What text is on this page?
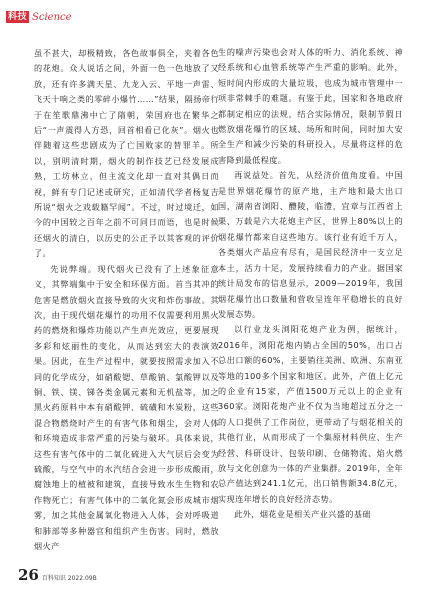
科技 Science

虽不甚大，却极精致，各色故事俱全，夹着各色的花炮。众人说话之间，外面一色一色地放了又放，还有许多满天星、九龙入云、平地一声雷、飞天十响之类的零碎小爆竹……”结果，隔扬帝行于在笙歌鼎沸中亡了隋朝，荣国府也在繁华之后“一声震得人方恐，回首相看已化灰”。烟火也伴随着这些悲剧成为了亡国败家的替罪羊。所以，别明清时期，烟火的制作技艺已经发展成熟，工坊林立，但主流文化却一直对其偶日而视，鲜有专门记述或研究，正如清代学者杨复吉所说“烟火之戏载籍罕闻”。不过，时过境迁，如今的中国较之百年之前不可同日而语，也是时候还烟火的清白，以历史的公正予以其客观的评价了。

先说弊端。现代烟火已没有了上述象征意义，其弊端集中于安全和环保方面。首当其冲的危害是燃放烟火直接导致的火灾和炸伤事故。其次，由于现代烟花爆竹的功用不仅需要利用黑火药的燃烧和爆炸功能以产生声光效应，更要展现多彩和炫丽性的变化，从而达到宏大的表演效果。因此，在生产过程中，就要按照需求加入不同的化学成分，如硝酸锶、草酸钠、氯酸钾以及铜、铁、镁、锑各类金属元素和无机盐等，加之黑火药原料中本有硝酸钾、硫磺和木炭粉，这些混合物燃烧时产生的有害气体和烟尘，会对人体和环境造成非常严重的污染与破坏。具体来说，这些有害气体中的二氧化硫进入大气层后会变为硫酸，与空气中的水汽结合会进一步形成酸雨，腐蚀地上的植被和建筑，直接导致水生生物和农作物死亡；有害气体中的二氧化氮会形成城市烟雾，加之其他金属氧化物进入人体，会对呼吸道和肺部等多种器官和组织产生伤害。同时，燃放烟火产

生的噪声污染也会对人体的听力、消化系统、神经系统和心血管系统等产生严重的影响。此外，短时间内形成的大量垃圾，也成为城市管理中一项非常棘手的难题。有鉴于此，国家和各地政府都制定相应的法规，结合实际情况，限制节假日燃放烟花爆竹的区域、场所和时间，同时加大安全生产和减少污染的科研投入，尽量将这样的危害降到最低程度。

再说益处。首先，从经济价值角度看。中国是世界烟花爆竹的原产地，主产地和最大出口国，湖南省浏阳、醴陵，临澧，宜章与江西省上栗、万载是六大花炮主产区，世界上80%以上的烟花爆竹都来自这些地方。该行业有近千万人，各类烟火产品应有尽有，是国民经济中一支立足本土，活力十足，发展持续看力的产业。据国家统计局发布的信息显示，2009—2019年，我国烟花爆竹出口数量和营收呈连年平稳增长的良好发展态势。

以行业龙头浏阳花炮产业为例，据统计，2016年，浏阳花炮内销占全国的50%，出口占总出口额的60%，主要销往美洲、欧洲、东南亚等地的100多个国家和地区。此外，产值上亿元的企业有15家，产值1500万元以上的企业有360家。浏阳花炮产业不仅为当地超过五分之一的人口提供了工作岗位，更带动了与烟花相关的其他行业，从而形成了一个集原材料供应、生产经营、科研设计、包装印刷、仓储物流、焰火燃放与文化创意为一体的产业集群。2019年，全年总产值达到241.1亿元，出口销售额34.8亿元，实现连年增长的良好经济态势。

此外，烟花业是相关产业兴盛的基础

26 百科知识 2022.09B
